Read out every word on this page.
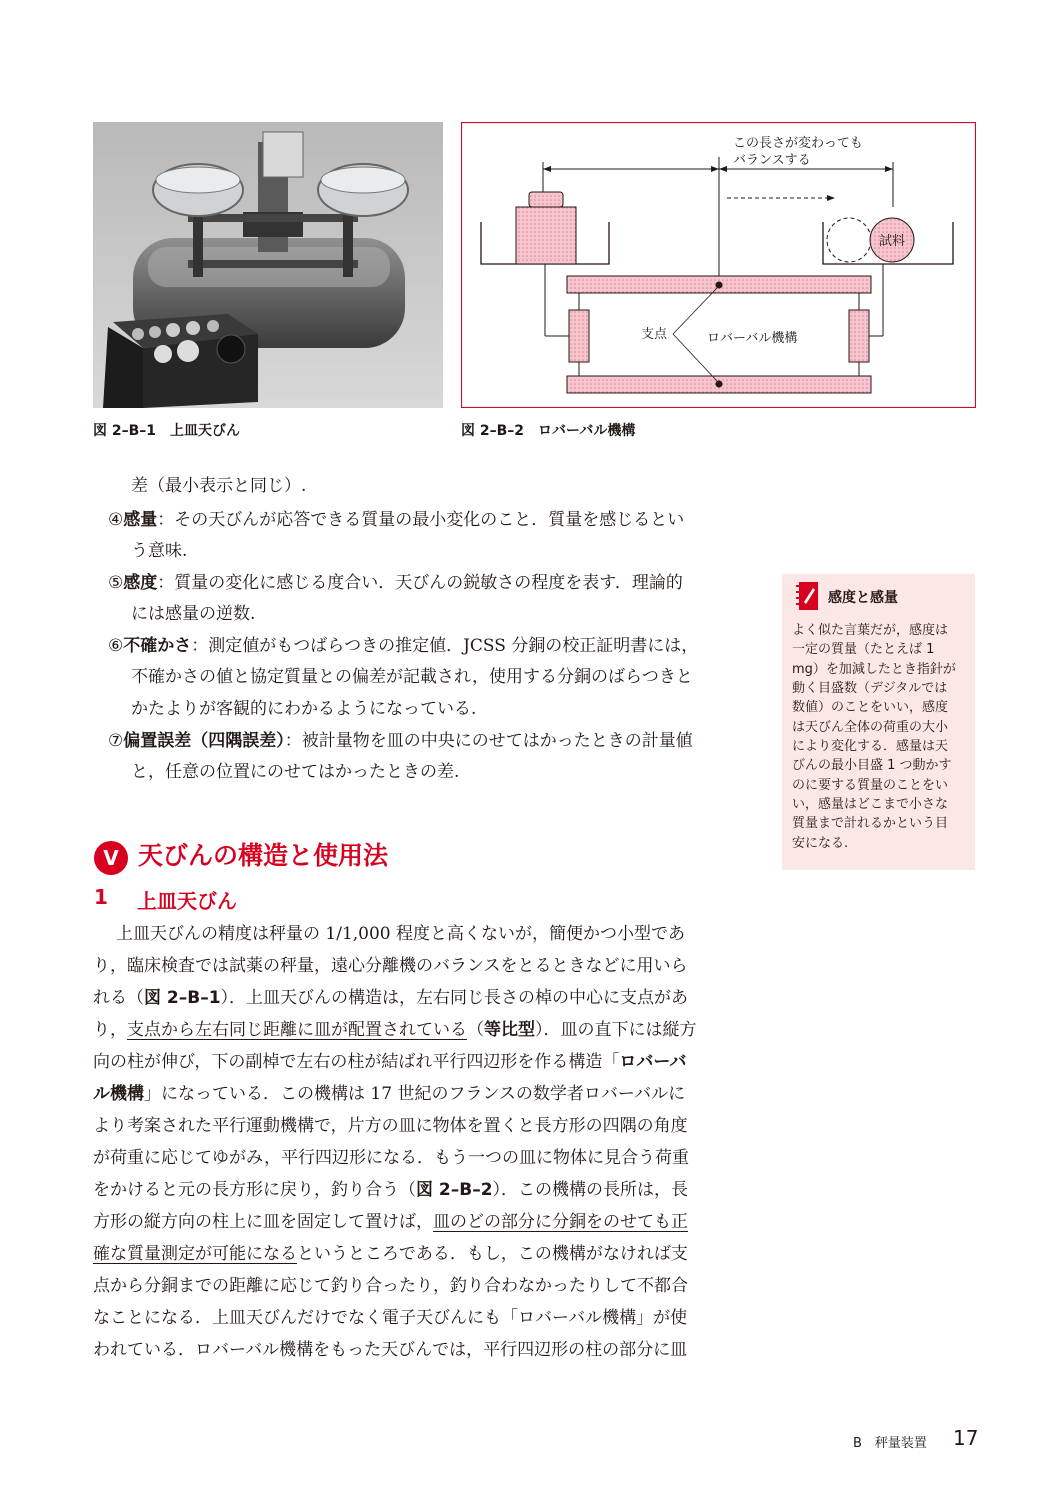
図 2–B–1　上皿天びん
この長さが変わっても
バランスする
試料
支点	ロバーバル機構
図 2–B–2　ロバーバル機構
差（最小表示と同じ）.
④感量：その天びんが応答できる質量の最小変化のこと．質量を感じるとい
う意味.
⑤感度：質量の変化に感じる度合い．天びんの鋭敏さの程度を表す．理論的
には感量の逆数.
⑥不確かさ：測定値がもつばらつきの推定値．JCSS 分銅の校正証明書には，
不確かさの値と協定質量との偏差が記載され，使用する分銅のばらつきと
かたよりが客観的にわかるようになっている.
⑦偏置誤差（四隅誤差）：被計量物を皿の中央にのせてはかったときの計量値
と，任意の位置にのせてはかったときの差.
V 天びんの構造と使用法
1 上皿天びん
上皿天びんの精度は秤量の 1/1,000 程度と高くないが，簡便かつ小型であ
り，臨床検査では試薬の秤量，遠心分離機のバランスをとるときなどに用いら
れる（図 2–B–1）．上皿天びんの構造は，左右同じ長さの棹の中心に支点があ
り，支点から左右同じ距離に皿が配置されている（等比型）．皿の直下には縦方
向の柱が伸び，下の副棹で左右の柱が結ばれ平行四辺形を作る構造「ロバーバ
ル機構」になっている．この機構は 17 世紀のフランスの数学者ロバーバルに
より考案された平行運動機構で，片方の皿に物体を置くと長方形の四隅の角度
が荷重に応じてゆがみ，平行四辺形になる．もう一つの皿に物体に見合う荷重
をかけると元の長方形に戻り，釣り合う（図 2–B–2）．この機構の長所は，長
方形の縦方向の柱上に皿を固定して置けば，皿のどの部分に分銅をのせても正
確な質量測定が可能になるというところである．もし，この機構がなければ支
点から分銅までの距離に応じて釣り合ったり，釣り合わなかったりして不都合
なことになる．上皿天びんだけでなく電子天びんにも「ロバーバル機構」が使
われている．ロバーバル機構をもった天びんでは，平行四辺形の柱の部分に皿
感度と感量
よく似た言葉だが，感度は
一定の質量（たとえば 1
mg）を加減したとき指針が
動く目盛数（デジタルでは
数値）のことをいい，感度
は天びん全体の荷重の大小
により変化する．感量は天
びんの最小目盛 1 つ動かす
のに要する質量のことをい
い，感量はどこまで小さな
質量まで計れるかという目
安になる.
B　秤量装置 17
